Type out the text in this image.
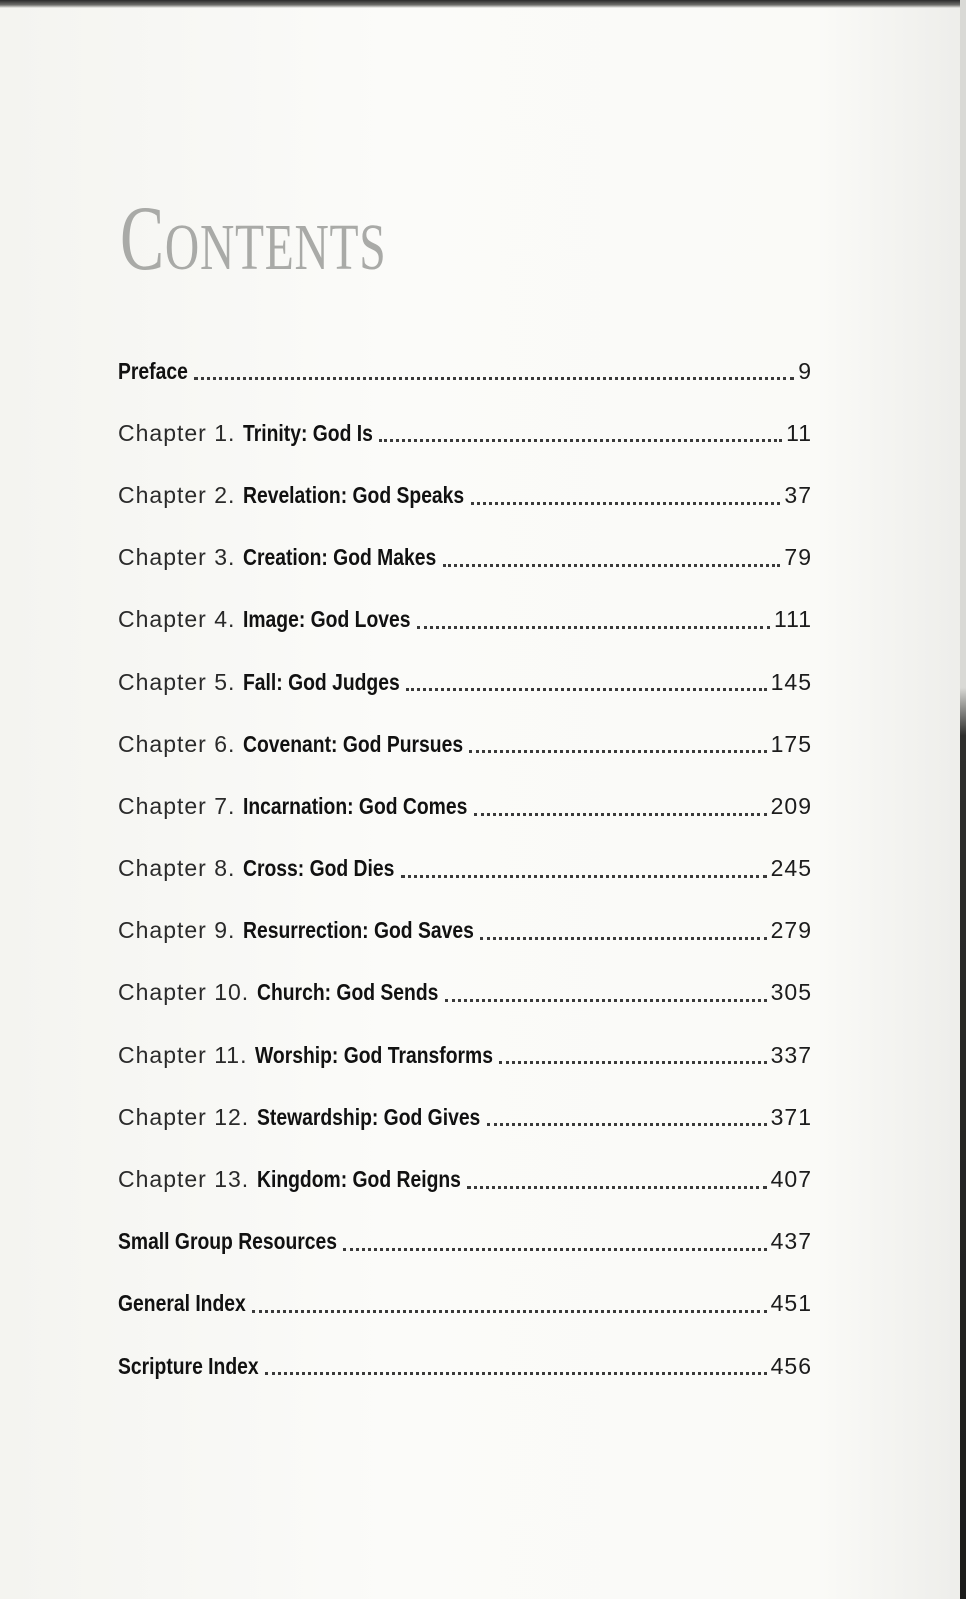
CONTENTS
Preface	9
Chapter 1. Trinity: God Is	11
Chapter 2. Revelation: God Speaks	37
Chapter 3. Creation: God Makes	79
Chapter 4. Image: God Loves	111
Chapter 5. Fall: God Judges	145
Chapter 6. Covenant: God Pursues	175
Chapter 7. Incarnation: God Comes	209
Chapter 8. Cross: God Dies	245
Chapter 9. Resurrection: God Saves	279
Chapter 10. Church: God Sends	305
Chapter 11. Worship: God Transforms	337
Chapter 12. Stewardship: God Gives	371
Chapter 13. Kingdom: God Reigns	407
Small Group Resources	437
General Index	451
Scripture Index	456
